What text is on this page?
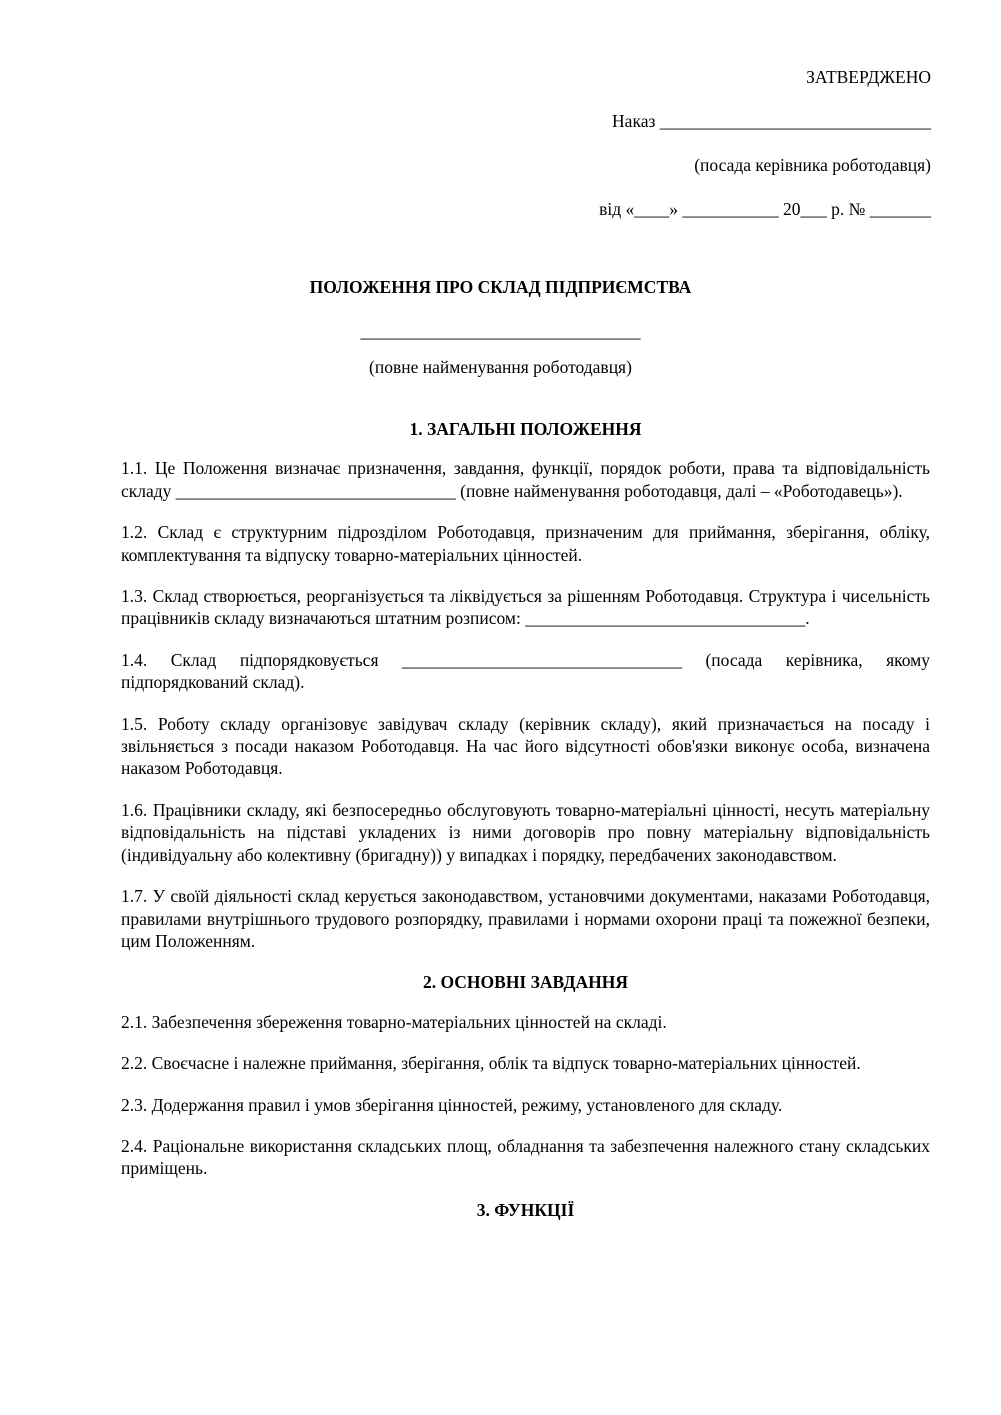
ЗАТВЕРДЖЕНО
Наказ _______________________________
(посада керівника роботодавця)
від «____» ___________ 20___ р. № _______
ПОЛОЖЕННЯ ПРО СКЛАД ПІДПРИЄМСТВА
________________________________
(повне найменування роботодавця)
1. ЗАГАЛЬНІ ПОЛОЖЕННЯ

1.1. Це Положення визначає призначення, завдання, функції, порядок роботи, права та відповідальність складу ________________________________ (повне найменування роботодавця, далі – «Роботодавець»).

1.2. Склад є структурним підрозділом Роботодавця, призначеним для приймання, зберігання, обліку, комплектування та відпуску товарно-матеріальних цінностей.

1.3. Склад створюється, реорганізується та ліквідується за рішенням Роботодавця. Структура і чисельність працівників складу визначаються штатним розписом: ________________________________.

1.4. Склад підпорядковується ________________________________ (посада керівника, якому підпорядкований склад).

1.5. Роботу складу організовує завідувач складу (керівник складу), який призначається на посаду і звільняється з посади наказом Роботодавця. На час його відсутності обов'язки виконує особа, визначена наказом Роботодавця.

1.6. Працівники складу, які безпосередньо обслуговують товарно-матеріальні цінності, несуть матеріальну відповідальність на підставі укладених із ними договорів про повну матеріальну відповідальність (індивідуальну або колективну (бригадну)) у випадках і порядку, передбачених законодавством.

1.7. У своїй діяльності склад керується законодавством, установчими документами, наказами Роботодавця, правилами внутрішнього трудового розпорядку, правилами і нормами охорони праці та пожежної безпеки, цим Положенням.

2. ОСНОВНІ ЗАВДАННЯ

2.1. Забезпечення збереження товарно-матеріальних цінностей на складі.

2.2. Своєчасне і належне приймання, зберігання, облік та відпуск товарно-матеріальних цінностей.

2.3. Додержання правил і умов зберігання цінностей, режиму, установленого для складу.

2.4. Раціональне використання складських площ, обладнання та забезпечення належного стану складських приміщень.

3. ФУНКЦІЇ
